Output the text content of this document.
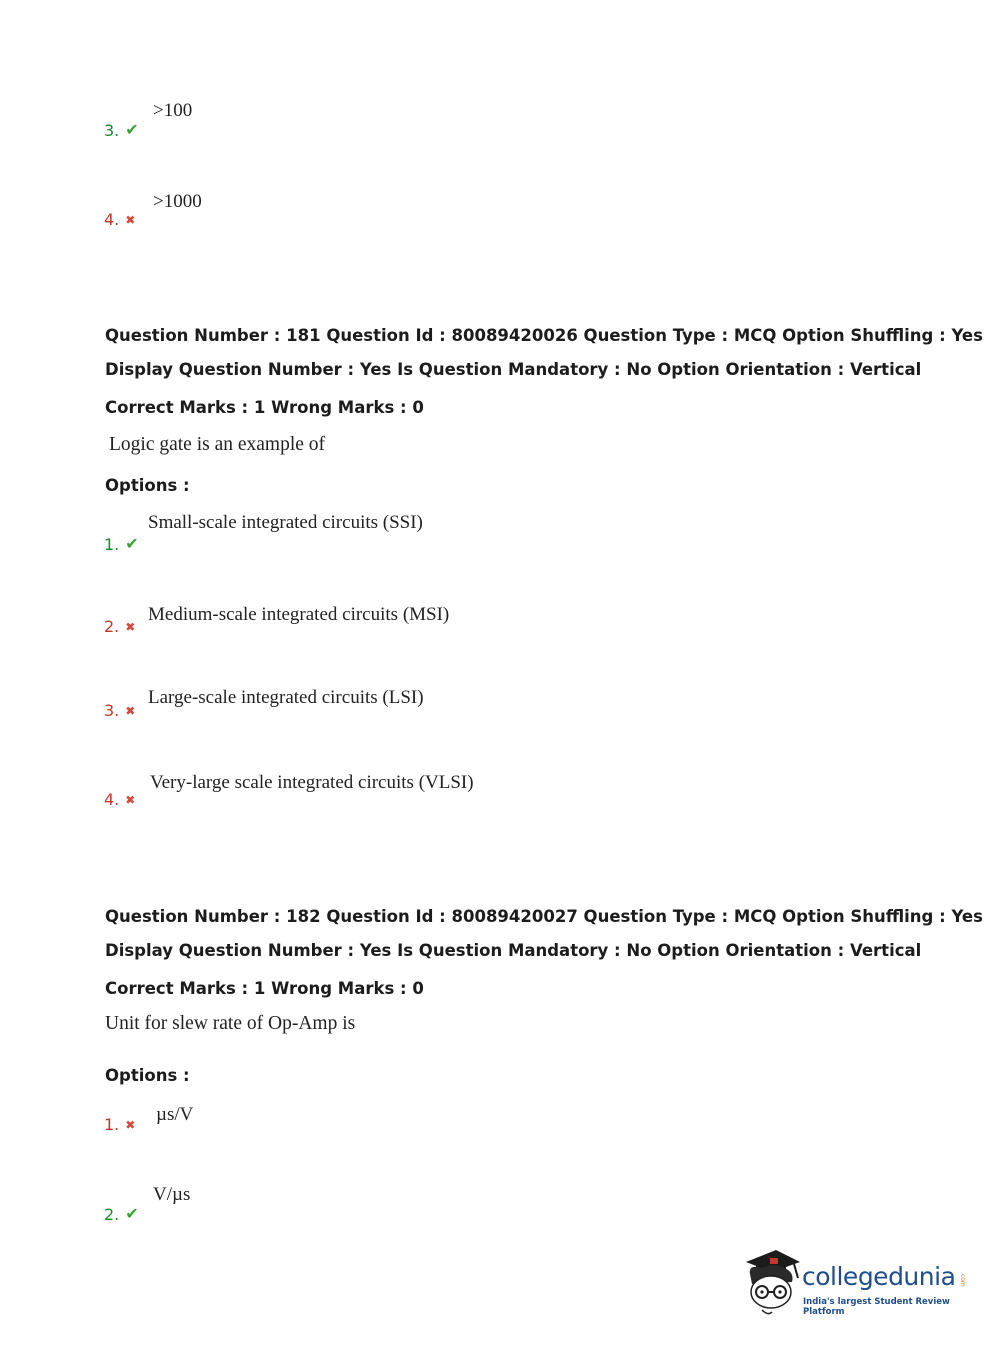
>100
3. ✔
>1000
4. ✖
Question Number : 181 Question Id : 80089420026 Question Type : MCQ Option Shuffling : Yes
Display Question Number : Yes Is Question Mandatory : No Option Orientation : Vertical
Correct Marks : 1 Wrong Marks : 0
Logic gate is an example of
Options :
Small-scale integrated circuits (SSI)
1. ✔
Medium-scale integrated circuits (MSI)
2. ✖
Large-scale integrated circuits (LSI)
3. ✖
Very-large scale integrated circuits (VLSI)
4. ✖
Question Number : 182 Question Id : 80089420027 Question Type : MCQ Option Shuffling : Yes
Display Question Number : Yes Is Question Mandatory : No Option Orientation : Vertical
Correct Marks : 1 Wrong Marks : 0
Unit for slew rate of Op-Amp is
Options :
µs/V
1. ✖
V/µs
2. ✔
collegedunia .com
India's largest Student Review Platform
